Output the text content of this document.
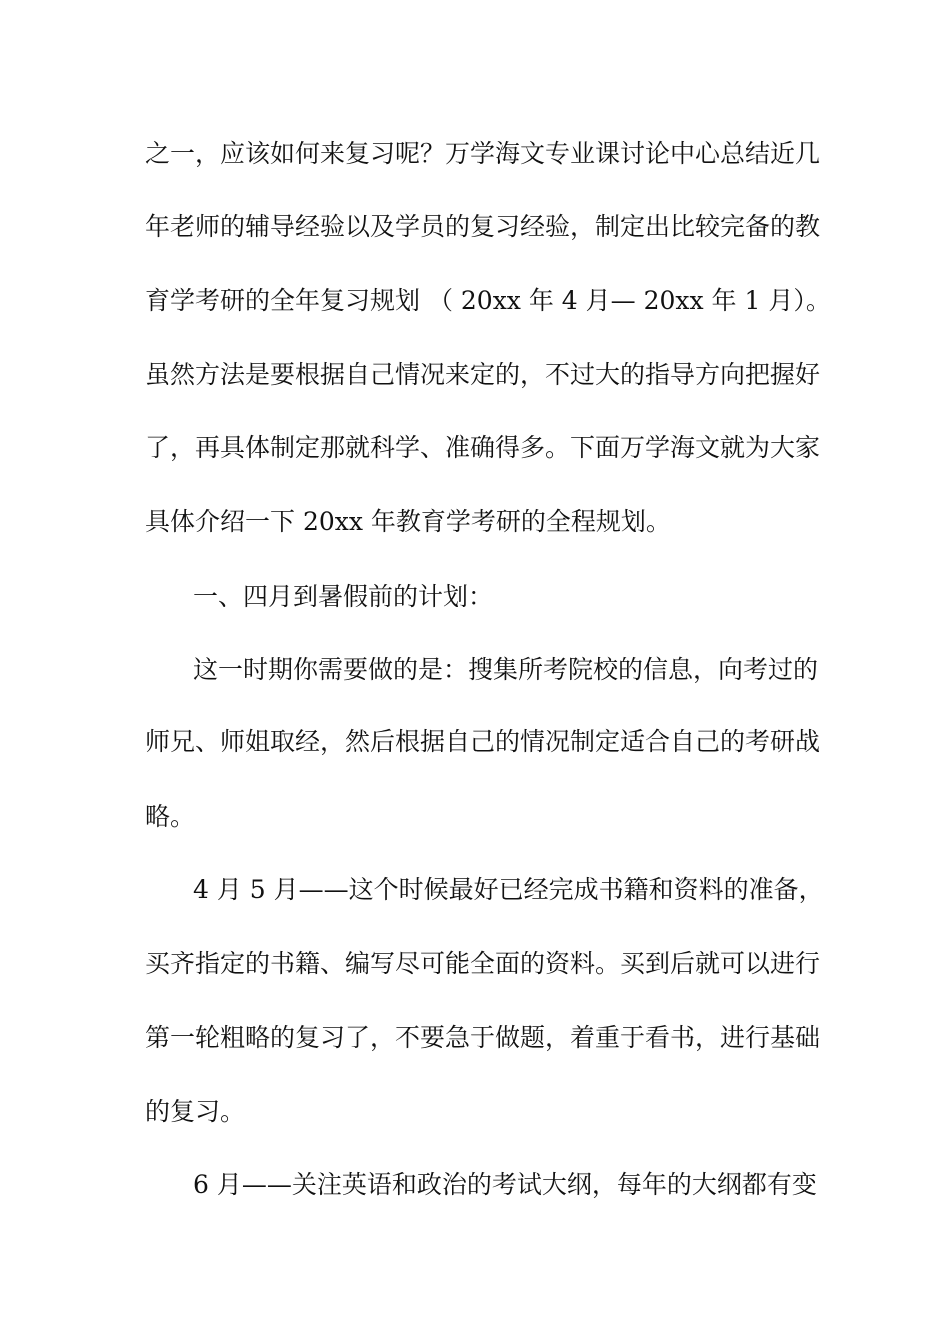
之一，应该如何来复习呢？万学海文专业课讨论中心总结近几
年老师的辅导经验以及学员的复习经验，制定出比较完备的教
育学考研的全年复习规划 （ 20xx 年 4 月— 20xx 年 1 月）。
虽然方法是要根据自己情况来定的，不过大的指导方向把握好
了，再具体制定那就科学、准确得多。下面万学海文就为大家
具体介绍一下 20xx 年教育学考研的全程规划。
一、四月到暑假前的计划：
这一时期你需要做的是：搜集所考院校的信息，向考过的
师兄、师姐取经，然后根据自己的情况制定适合自己的考研战
略。
4 月 5 月——这个时候最好已经完成书籍和资料的准备，
买齐指定的书籍、编写尽可能全面的资料。买到后就可以进行
第一轮粗略的复习了，不要急于做题，着重于看书，进行基础
的复习。
6 月——关注英语和政治的考试大纲，每年的大纲都有变
